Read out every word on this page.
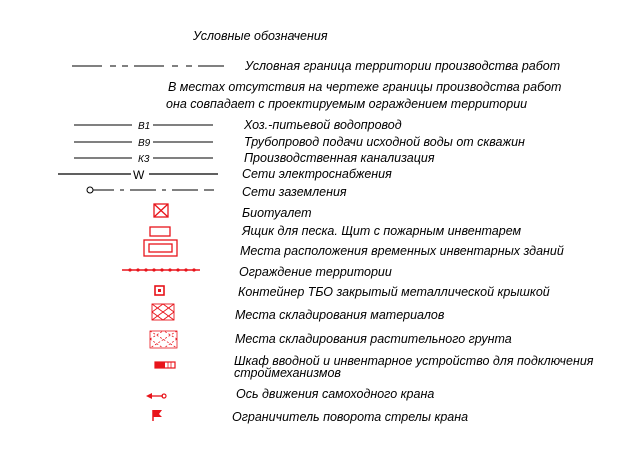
Условные обозначения
В1
В9
К3
W
Условная граница территории производства работ
В местах отсутствия на чертеже границы производства работ
она совпадает с проектируемым ограждением территории
Хоз.-питьевой водопровод
Трубопровод подачи исходной воды от скважин
Производственная канализация
Сети электроснабжения
Сети заземления
Биотуалет
Ящик для песка. Щит с пожарным инвентарем
Места расположения временных инвентарных зданий
Ограждение территории
Контейнер ТБО закрытый металлической крышкой
Места складирования материалов
Места складирования растительного грунта
Шкаф вводной и инвентарное устройство для подключения
строймеханизмов
Ось движения самоходного крана
Ограничитель поворота стрелы крана
